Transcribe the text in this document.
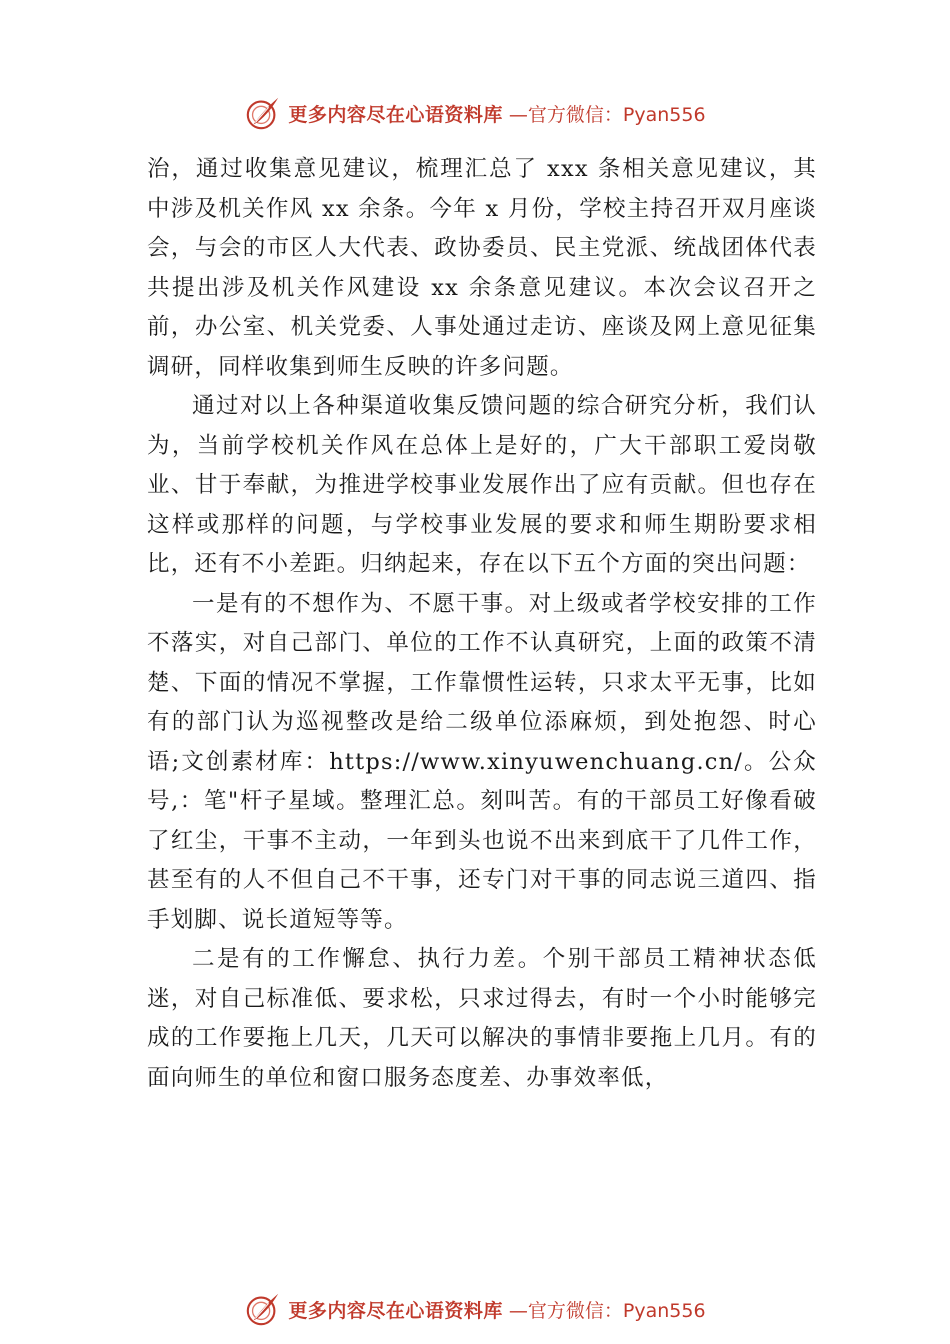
更多内容尽在心语资料库 —官方微信：Pyan556

治，通过收集意见建议，梳理汇总了 xxx 条相关意见建议，其中涉及机关作风 xx 余条。今年 x 月份，学校主持召开双月座谈会，与会的市区人大代表、政协委员、民主党派、统战团体代表共提出涉及机关作风建设 xx 余条意见建议。本次会议召开之前，办公室、机关党委、人事处通过走访、座谈及网上意见征集调研，同样收集到师生反映的许多问题。

通过对以上各种渠道收集反馈问题的综合研究分析，我们认为，当前学校机关作风在总体上是好的，广大干部职工爱岗敬业、甘于奉献，为推进学校事业发展作出了应有贡献。但也存在这样或那样的问题，与学校事业发展的要求和师生期盼要求相比，还有不小差距。归纳起来，存在以下五个方面的突出问题：

一是有的不想作为、不愿干事。对上级或者学校安排的工作不落实，对自己部门、单位的工作不认真研究，上面的政策不清楚、下面的情况不掌握，工作靠惯性运转，只求太平无事，比如有的部门认为巡视整改是给二级单位添麻烦，到处抱怨、时心语;文创素材库：https://www.xinyuwenchuang.cn/。公众号,：笔"杆子星域。整理汇总。刻叫苦。有的干部员工好像看破了红尘，干事不主动，一年到头也说不出来到底干了几件工作，甚至有的人不但自己不干事，还专门对干事的同志说三道四、指手划脚、说长道短等等。

二是有的工作懈怠、执行力差。个别干部员工精神状态低迷，对自己标准低、要求松，只求过得去，有时一个小时能够完成的工作要拖上几天，几天可以解决的事情非要拖上几月。有的面向师生的单位和窗口服务态度差、办事效率低，

更多内容尽在心语资料库 —官方微信：Pyan556
